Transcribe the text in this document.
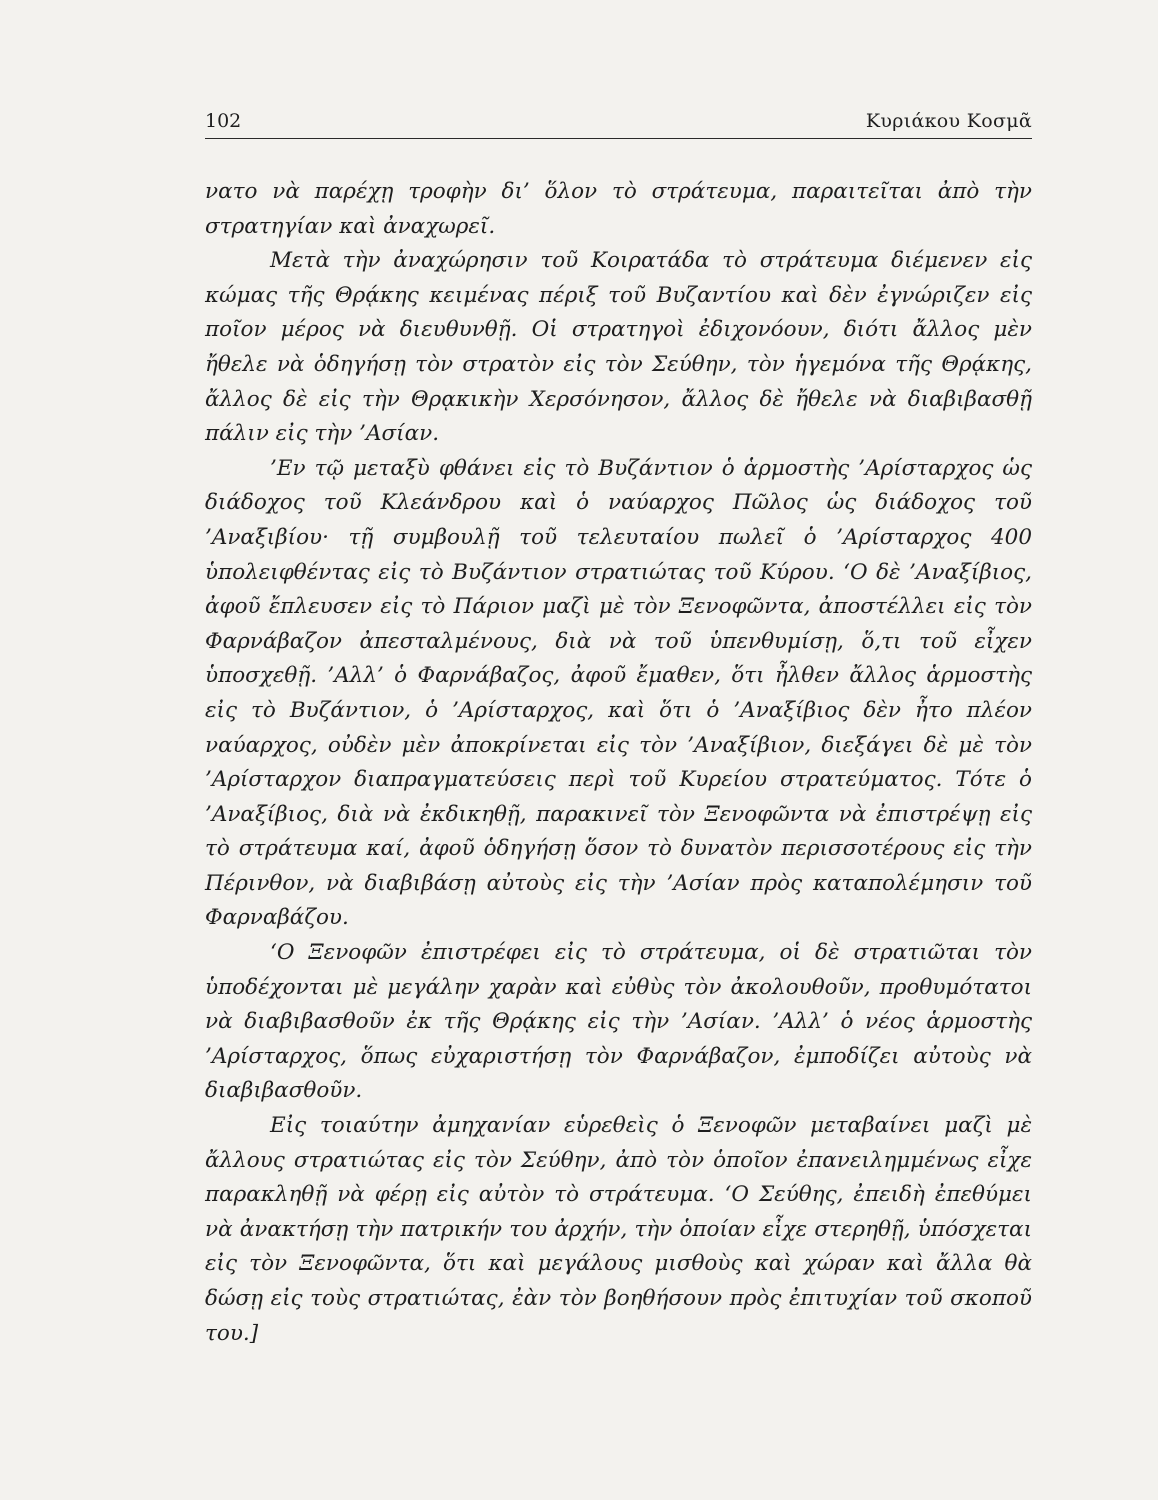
102	Κυριάκου Κοσμᾶ

νατο νὰ παρέχῃ τροφὴν δι’ ὅλον τὸ στράτευμα, παραιτεῖται ἀπὸ τὴν στρατηγίαν καὶ ἀναχωρεῖ.

Μετὰ τὴν ἀναχώρησιν τοῦ Κοιρατάδα τὸ στράτευμα διέμενεν εἰς κώμας τῆς Θρᾴκης κειμένας πέριξ τοῦ Βυζαντίου καὶ δὲν ἐγνώριζεν εἰς ποῖον μέρος νὰ διευθυνθῇ. Οἱ στρατηγοὶ ἐδιχονόουν, διότι ἄλλος μὲν ἤθελε νὰ ὁδηγήσῃ τὸν στρατὸν εἰς τὸν Σεύθην, τὸν ἡγεμόνα τῆς Θρᾴκης, ἄλλος δὲ εἰς τὴν Θρᾳκικὴν Χερσόνησον, ἄλλος δὲ ἤθελε νὰ διαβιβασθῇ πάλιν εἰς τὴν ’Ασίαν.

’Εν τῷ μεταξὺ φθάνει εἰς τὸ Βυζάντιον ὁ ἁρμοστὴς ’Αρίσταρχος ὡς διάδοχος τοῦ Κλεάνδρου καὶ ὁ ναύαρχος Πῶλος ὡς διάδοχος τοῦ ’Αναξιβίου· τῇ συμβουλῇ τοῦ τελευταίου πωλεῖ ὁ ’Αρίσταρχος 400 ὑπολειφθέντας εἰς τὸ Βυζάντιον στρατιώτας τοῦ Κύρου. ‘Ο δὲ ’Αναξίβιος, ἀφοῦ ἔπλευσεν εἰς τὸ Πάριον μαζὶ μὲ τὸν Ξενοφῶντα, ἀποστέλλει εἰς τὸν Φαρνάβαζον ἀπεσταλμένους, διὰ νὰ τοῦ ὑπενθυμίσῃ, ὅ,τι τοῦ εἶχεν ὑποσχεθῇ. ’Αλλ’ ὁ Φαρνάβαζος, ἀφοῦ ἔμαθεν, ὅτι ἦλθεν ἄλλος ἁρμοστὴς εἰς τὸ Βυζάντιον, ὁ ’Αρίσταρχος, καὶ ὅτι ὁ ’Αναξίβιος δὲν ἦτο πλέον ναύαρχος, οὐδὲν μὲν ἀποκρίνεται εἰς τὸν ’Αναξίβιον, διεξάγει δὲ μὲ τὸν ’Αρίσταρχον διαπραγματεύσεις περὶ τοῦ Κυρείου στρατεύματος. Τότε ὁ ’Αναξίβιος, διὰ νὰ ἐκδικηθῇ, παρακινεῖ τὸν Ξενοφῶντα νὰ ἐπιστρέψῃ εἰς τὸ στράτευμα καί, ἀφοῦ ὁδηγήσῃ ὅσον τὸ δυνατὸν περισσοτέρους εἰς τὴν Πέρινθον, νὰ διαβιβάσῃ αὐτοὺς εἰς τὴν ’Ασίαν πρὸς καταπολέμησιν τοῦ Φαρναβάζου.

‘Ο Ξενοφῶν ἐπιστρέφει εἰς τὸ στράτευμα, οἱ δὲ στρατιῶται τὸν ὑποδέχονται μὲ μεγάλην χαρὰν καὶ εὐθὺς τὸν ἀκολουθοῦν, προθυμότατοι νὰ διαβιβασθοῦν ἐκ τῆς Θρᾴκης εἰς τὴν ’Ασίαν. ’Αλλ’ ὁ νέος ἁρμοστὴς ’Αρίσταρχος, ὅπως εὐχαριστήσῃ τὸν Φαρνάβαζον, ἐμποδίζει αὐτοὺς νὰ διαβιβασθοῦν.

Εἰς τοιαύτην ἀμηχανίαν εὑρεθεὶς ὁ Ξενοφῶν μεταβαίνει μαζὶ μὲ ἄλλους στρατιώτας εἰς τὸν Σεύθην, ἀπὸ τὸν ὁποῖον ἐπανειλημμένως εἶχε παρακληθῇ νὰ φέρῃ εἰς αὐτὸν τὸ στράτευμα. ‘Ο Σεύθης, ἐπειδὴ ἐπεθύμει νὰ ἀνακτήσῃ τὴν πατρικήν του ἀρχήν, τὴν ὁποίαν εἶχε στερηθῇ, ὑπόσχεται εἰς τὸν Ξενοφῶντα, ὅτι καὶ μεγάλους μισθοὺς καὶ χώραν καὶ ἄλλα θὰ δώσῃ εἰς τοὺς στρατιώτας, ἐὰν τὸν βοηθήσουν πρὸς ἐπιτυχίαν τοῦ σκοποῦ του.]
